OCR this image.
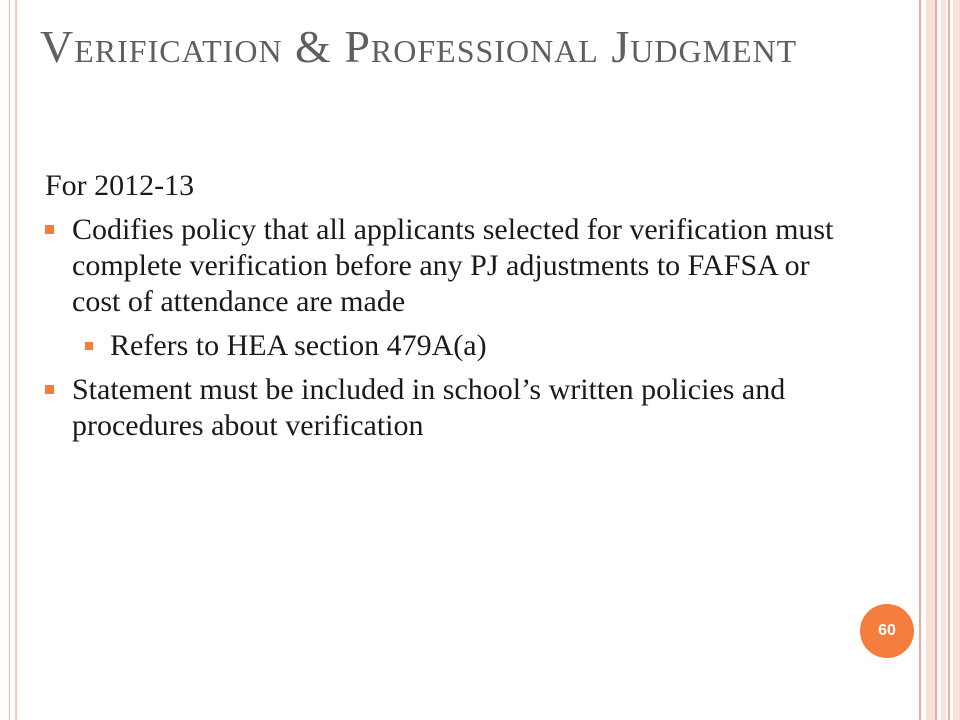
Verification & Professional Judgment

For 2012-13

Codifies policy that all applicants selected for verification must complete verification before any PJ adjustments to FAFSA or cost of attendance are made
Refers to HEA section 479A(a)
Statement must be included in school’s written policies and procedures about verification
60
